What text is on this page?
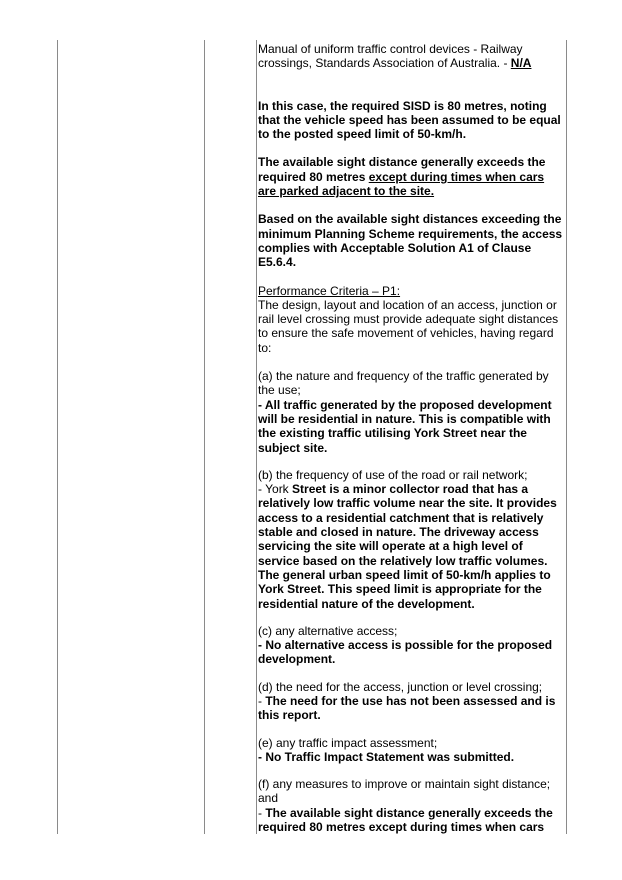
Manual of uniform traffic control devices - Railway
crossings, Standards Association of Australia. - N/A

In this case, the required SISD is 80 metres, noting that the vehicle speed has been assumed to be equal to the posted speed limit of 50-km/h.

The available sight distance generally exceeds the required 80 metres except during times when cars are parked adjacent to the site.

Based on the available sight distances exceeding the minimum Planning Scheme requirements, the access complies with Acceptable Solution A1 of Clause E5.6.4.

Performance Criteria – P1:

The design, layout and location of an access, junction or rail level crossing must provide adequate sight distances to ensure the safe movement of vehicles, having regard to:

(a) the nature and frequency of the traffic generated by the use;

- All traffic generated by the proposed development will be residential in nature. This is compatible with the existing traffic utilising York Street near the subject site.

(b) the frequency of use of the road or rail network;

- York Street is a minor collector road that has a relatively low traffic volume near the site. It provides access to a residential catchment that is relatively stable and closed in nature. The driveway access servicing the site will operate at a high level of service based on the relatively low traffic volumes. The general urban speed limit of 50-km/h applies to York Street. This speed limit is appropriate for the residential nature of the development.

(c) any alternative access;

- No alternative access is possible for the proposed development.

(d) the need for the access, junction or level crossing;

- The need for the use has not been assessed and is this report.

(e) any traffic impact assessment;

- No Traffic Impact Statement was submitted.

(f) any measures to improve or maintain sight distance; and

- The available sight distance generally exceeds the required 80 metres except during times when cars
